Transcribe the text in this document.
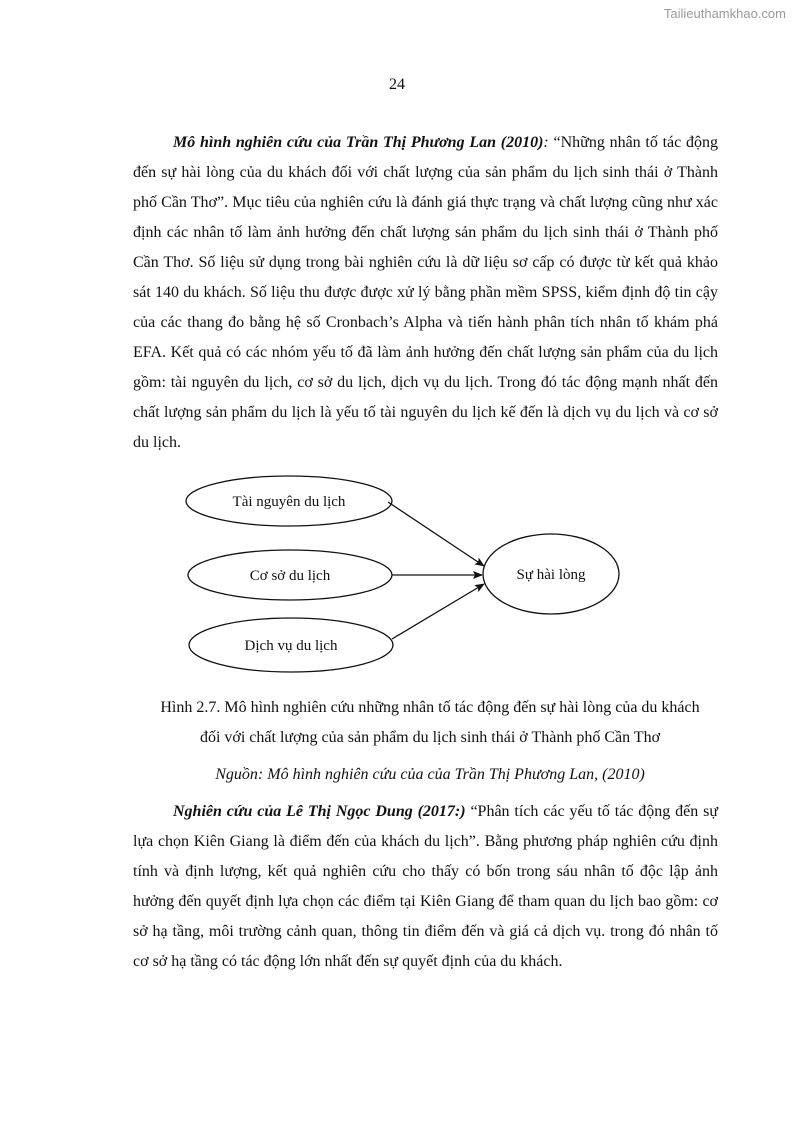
Tailieuthamkhao.com
24

Mô hình nghiên cứu của Trần Thị Phương Lan (2010): “Những nhân tố tác động đến sự hài lòng của du khách đối với chất lượng của sản phẩm du lịch sinh thái ở Thành phố Cần Thơ”. Mục tiêu của nghiên cứu là đánh giá thực trạng và chất lượng cũng như xác định các nhân tố làm ảnh hưởng đến chất lượng sản phẩm du lịch sinh thái ở Thành phố Cần Thơ. Số liệu sử dụng trong bài nghiên cứu là dữ liệu sơ cấp có được từ kết quả khảo sát 140 du khách. Số liệu thu được được xử lý bằng phần mềm SPSS, kiểm định độ tin cậy của các thang đo bằng hệ số Cronbach’s Alpha và tiến hành phân tích nhân tố khám phá EFA. Kết quả có các nhóm yếu tố đã làm ảnh hưởng đến chất lượng sản phẩm của du lịch gồm: tài nguyên du lịch, cơ sở du lịch, dịch vụ du lịch. Trong đó tác động mạnh nhất đến chất lượng sản phẩm du lịch là yếu tố tài nguyên du lịch kế đến là dịch vụ du lịch và cơ sở du lịch.

Tài nguyên du lịch
Cơ sở du lịch
Dịch vụ du lịch
Sự hài lòng
Hình 2.7. Mô hình nghiên cứu những nhân tố tác động đến sự hài lòng của du khách
đối với chất lượng của sản phẩm du lịch sinh thái ở Thành phố Cần Thơ
Nguồn: Mô hình nghiên cứu của của Trần Thị Phương Lan, (2010)

Nghiên cứu của Lê Thị Ngọc Dung (2017:) “Phân tích các yếu tố tác động đến sự lựa chọn Kiên Giang là điểm đến của khách du lịch”. Bằng phương pháp nghiên cứu định tính và định lượng, kết quả nghiên cứu cho thấy có bốn trong sáu nhân tố độc lập ảnh hưởng đến quyết định lựa chọn các điểm tại Kiên Giang để tham quan du lịch bao gồm: cơ sở hạ tầng, môi trường cảnh quan, thông tin điểm đến và giá cả dịch vụ. trong đó nhân tố cơ sở hạ tầng có tác động lớn nhất đến sự quyết định của du khách.
